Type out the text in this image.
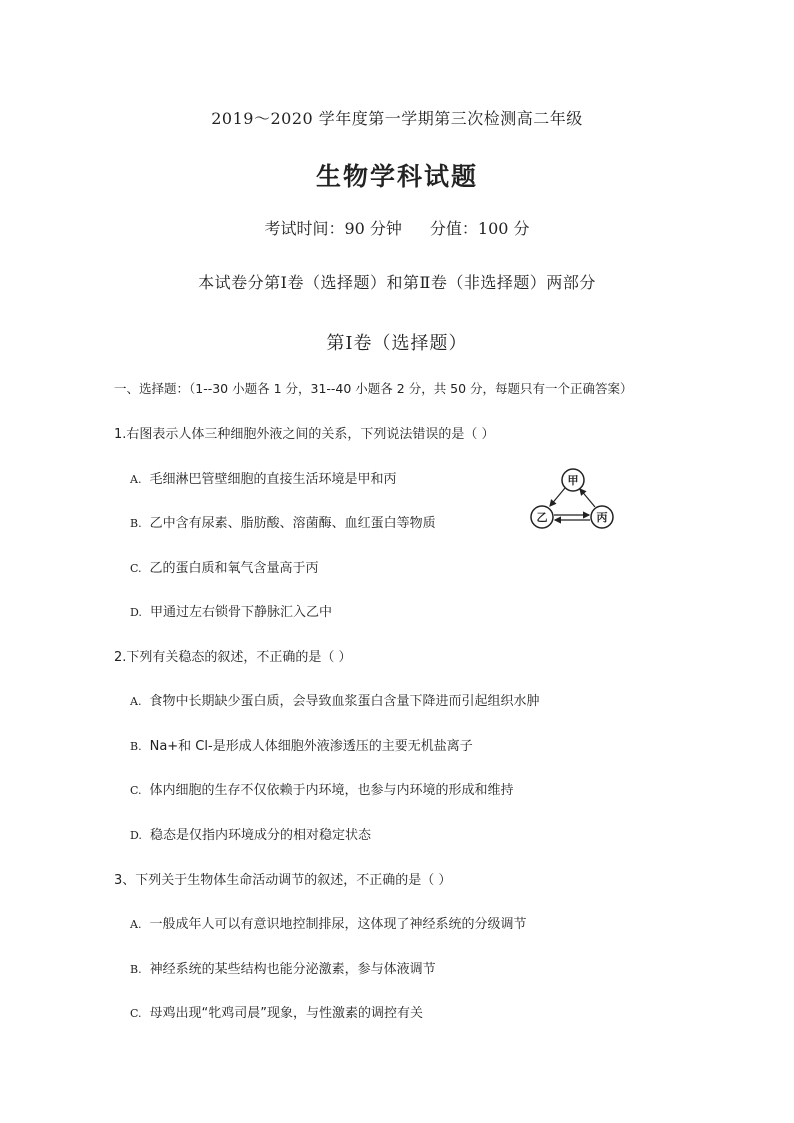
2019～2020 学年度第一学期第三次检测高二年级
生物学科试题
考试时间：90 分钟 分值：100 分
本试卷分第Ⅰ卷（选择题）和第Ⅱ卷（非选择题）两部分
第Ⅰ卷（选择题）
一、选择题：（1--30 小题各 1 分，31--40 小题各 2 分，共 50 分，每题只有一个正确答案）
1.右图表示人体三种细胞外液之间的关系，下列说法错误的是（ ）
A. 毛细淋巴管壁细胞的直接生活环境是甲和丙
B. 乙中含有尿素、脂肪酸、溶菌酶、血红蛋白等物质
C. 乙的蛋白质和氧气含量高于丙
D. 甲通过左右锁骨下静脉汇入乙中
甲
乙	丙
2.下列有关稳态的叙述，不正确的是（ ）
A. 食物中长期缺少蛋白质，会导致血浆蛋白含量下降进而引起组织水肿
B. Na+和 Cl-是形成人体细胞外液渗透压的主要无机盐离子
C. 体内细胞的生存不仅依赖于内环境，也参与内环境的形成和维持
D. 稳态是仅指内环境成分的相对稳定状态
3、下列关于生物体生命活动调节的叙述，不正确的是（ ）
A. 一般成年人可以有意识地控制排尿，这体现了神经系统的分级调节
B. 神经系统的某些结构也能分泌激素，参与体液调节
C. 母鸡出现“牝鸡司晨”现象，与性激素的调控有关
